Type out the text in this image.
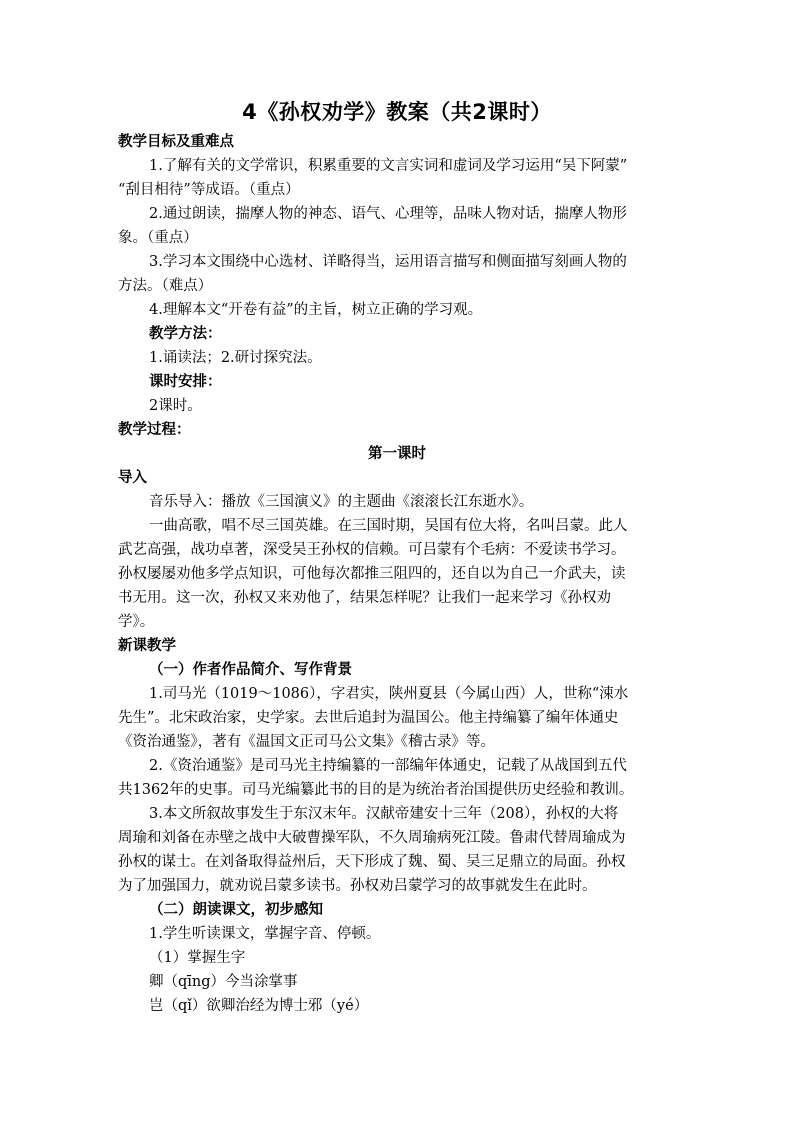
4《孙权劝学》教案（共2课时）
教学目标及重难点
1.了解有关的文学常识，积累重要的文言实词和虚词及学习运用“吴下阿蒙”
“刮目相待”等成语。（重点）
2.通过朗读，揣摩人物的神态、语气、心理等，品味人物对话，揣摩人物形
象。（重点）
3.学习本文围绕中心选材、详略得当，运用语言描写和侧面描写刻画人物的
方法。（难点）
4.理解本文“开卷有益”的主旨，树立正确的学习观。
教学方法：
1.诵读法；2.研讨探究法。
课时安排：
2课时。
教学过程：
第一课时
导入
音乐导入：播放《三国演义》的主题曲《滚滚长江东逝水》。
一曲高歌，唱不尽三国英雄。在三国时期，吴国有位大将，名叫吕蒙。此人
武艺高强，战功卓著，深受吴王孙权的信赖。可吕蒙有个毛病：不爱读书学习。
孙权屡屡劝他多学点知识，可他每次都推三阻四的，还自以为自己一介武夫，读
书无用。这一次，孙权又来劝他了，结果怎样呢？让我们一起来学习《孙权劝
学》。
新课教学
（一）作者作品简介、写作背景
1.司马光（1019～1086），字君实，陕州夏县（今属山西）人，世称“涑水
先生”。北宋政治家，史学家。去世后追封为温国公。他主持编纂了编年体通史
《资治通鉴》，著有《温国文正司马公文集》《稽古录》等。
2.《资治通鉴》是司马光主持编纂的一部编年体通史，记载了从战国到五代
共1362年的史事。司马光编纂此书的目的是为统治者治国提供历史经验和教训。
3.本文所叙故事发生于东汉末年。汉献帝建安十三年（208），孙权的大将
周瑜和刘备在赤壁之战中大破曹操军队，不久周瑜病死江陵。鲁肃代替周瑜成为
孙权的谋士。在刘备取得益州后，天下形成了魏、蜀、吴三足鼎立的局面。孙权
为了加强国力，就劝说吕蒙多读书。孙权劝吕蒙学习的故事就发生在此时。
（二）朗读课文，初步感知
1.学生听读课文，掌握字音、停顿。
（1）掌握生字
卿（qīng）今当涂掌事
岂（qǐ）欲卿治经为博士邪（yé）
